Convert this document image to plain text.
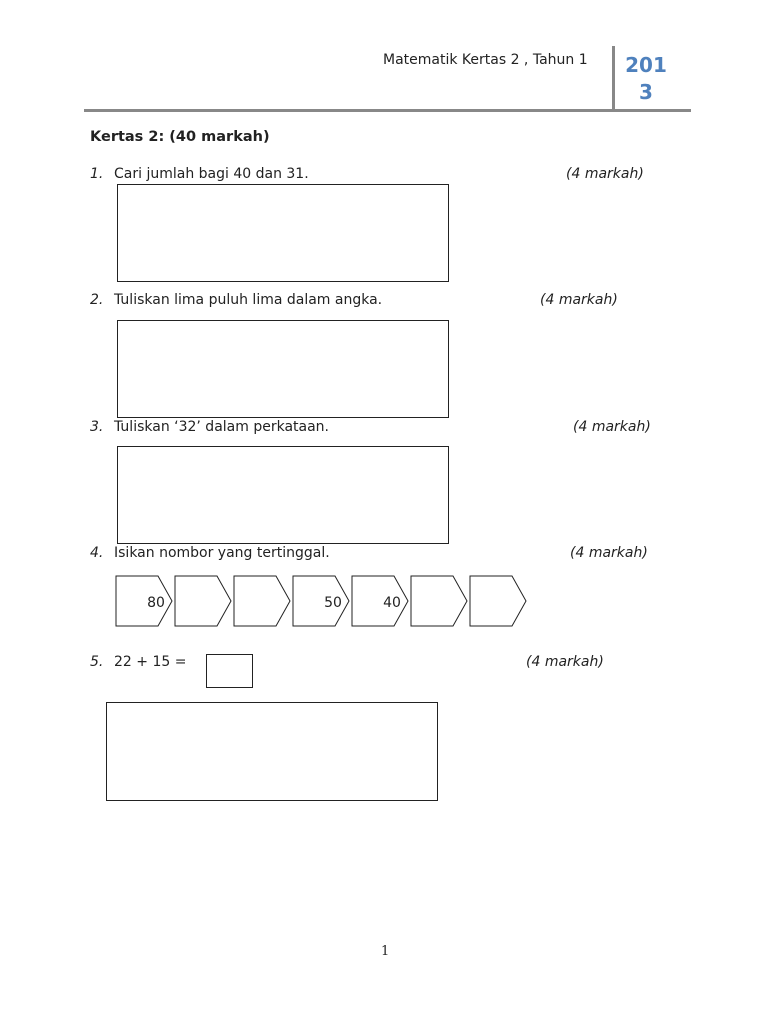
Matematik Kertas 2 , Tahun 1	201
3
Kertas 2: (40 markah)
1. Cari jumlah bagi 40 dan 31.	(4 markah)
2. Tuliskan lima puluh lima dalam angka.	(4 markah)
3. Tuliskan ‘32’ dalam perkataan.	(4 markah)
4. Isikan nombor yang tertinggal.	(4 markah)
80	50	40
5. 22 + 15 =	(4 markah)
1
